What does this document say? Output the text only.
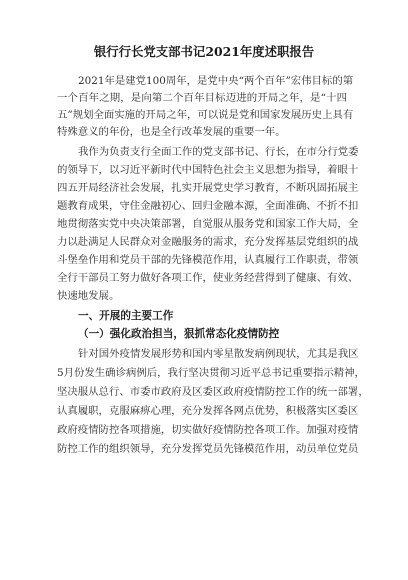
银行行长党支部书记2021年度述职报告
2021年是建党100周年，是党中央“两个百年”宏伟目标的第
一个百年之期，是向第二个百年目标迈进的开局之年，是“十四
五”规划全面实施的开局之年，可以说是党和国家发展历史上具有
特殊意义的年份，也是全行改革发展的重要一年。
我作为负责支行全面工作的党支部书记、行长，在市分行党委
的领导下，以习近平新时代中国特色社会主义思想为指导，着眼十
四五开局经济社会发展，扎实开展党史学习教育，不断巩固拓展主
题教育成果，守住金融初心、回归金融本源，全面准确、不折不扣
地贯彻落实党中央决策部署，自觉服从服务党和国家工作大局，全
力以赴满足人民群众对金融服务的需求，充分发挥基层党组织的战
斗堡垒作用和党员干部的先锋模范作用，认真履行工作职责，带领
全行干部员工努力做好各项工作，使业务经营得到了健康、有效、
快速地发展。
一、开展的主要工作
（一）强化政治担当，狠抓常态化疫情防控
针对国外疫情发展形势和国内零星散发病例现状，尤其是我区
5月份发生确诊病例后，我行坚决贯彻习近平总书记重要指示精神，
坚决服从总行、市委市政府及区委区政府疫情防控工作的统一部署，
认真履职，克服麻痹心理，充分发挥各网点优势，积极落实区委区
政府疫情防控各项措施，切实做好疫情防控各项工作。加强对疫情
防控工作的组织领导，充分发挥党员先锋模范作用，动员单位党员
